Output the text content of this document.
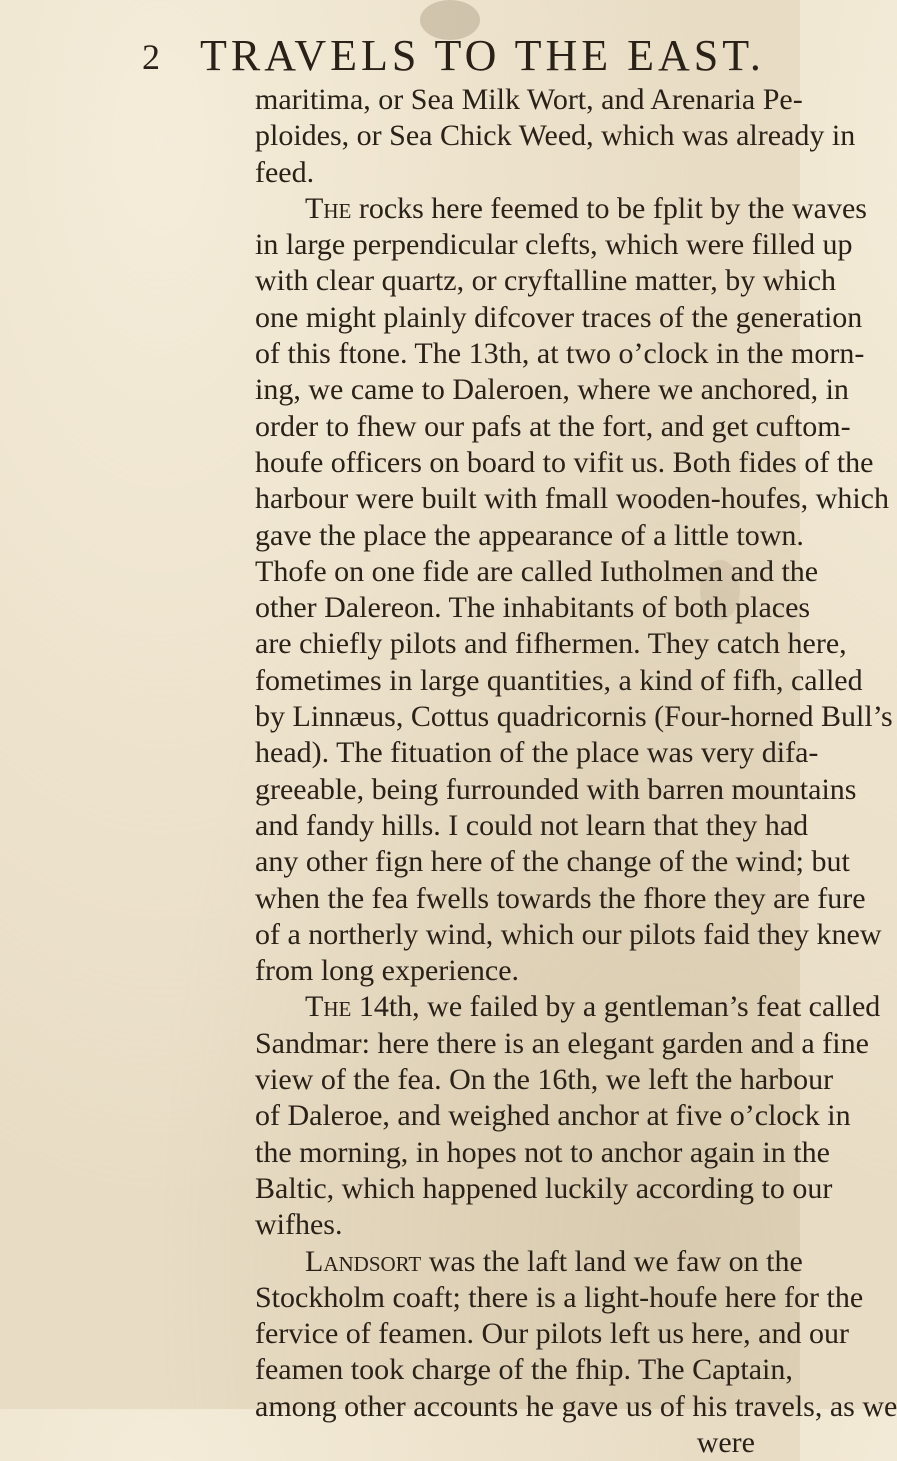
2 TRAVELS TO THE EAST.
maritima, or Sea Milk Wort, and Arenaria Pe-
ploides, or Sea Chick Weed, which was already in
feed.
The rocks here feemed to be fplit by the waves
in large perpendicular clefts, which were filled up
with clear quartz, or cryftalline matter, by which
one might plainly difcover traces of the generation
of this ftone. The 13th, at two o’clock in the morn-
ing, we came to Daleroen, where we anchored, in
order to fhew our pafs at the fort, and get cuftom-
houfe officers on board to vifit us. Both fides of the
harbour were built with fmall wooden-houfes, which
gave the place the appearance of a little town.
Thofe on one fide are called Iutholmen and the
other Dalereon. The inhabitants of both places
are chiefly pilots and fifhermen. They catch here,
fometimes in large quantities, a kind of fifh, called
by Linnæus, Cottus quadricornis (Four-horned Bull’s
head). The fituation of the place was very difa-
greeable, being furrounded with barren mountains
and fandy hills. I could not learn that they had
any other fign here of the change of the wind; but
when the fea fwells towards the fhore they are fure
of a northerly wind, which our pilots faid they knew
from long experience.
The 14th, we failed by a gentleman’s feat called
Sandmar: here there is an elegant garden and a fine
view of the fea. On the 16th, we left the harbour
of Daleroe, and weighed anchor at five o’clock in
the morning, in hopes not to anchor again in the
Baltic, which happened luckily according to our
wifhes.
Landsort was the laft land we faw on the
Stockholm coaft; there is a light-houfe here for the
fervice of feamen. Our pilots left us here, and our
feamen took charge of the fhip. The Captain,
among other accounts he gave us of his travels, as we
were
